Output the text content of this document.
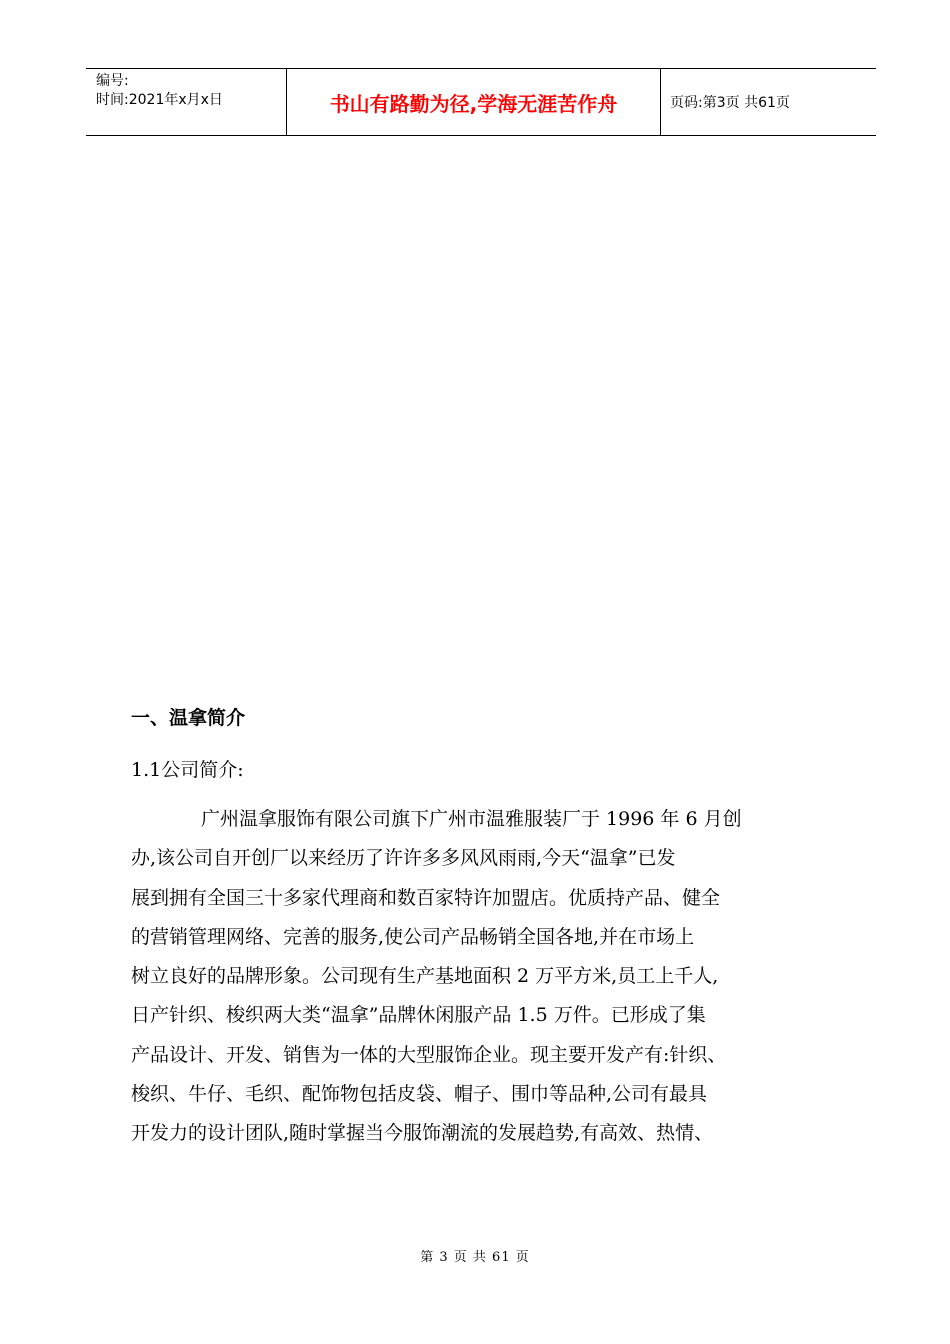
编号:
时间:2021年x月x日	书山有路勤为径,学海无涯苦作舟	页码:第3页 共61页
一、温拿简介
1.1公司简介:
广州温拿服饰有限公司旗下广州市温雅服装厂于 1996 年 6 月创
办,该公司自开创厂以来经历了许许多多风风雨雨,今天“温拿”已发
展到拥有全国三十多家代理商和数百家特许加盟店。优质持产品、健全
的营销管理网络、完善的服务,使公司产品畅销全国各地,并在市场上
树立良好的品牌形象。公司现有生产基地面积 2 万平方米,员工上千人,
日产针织、梭织两大类“温拿”品牌休闲服产品 1.5 万件。已形成了集
产品设计、开发、销售为一体的大型服饰企业。现主要开发产有:针织、
梭织、牛仔、毛织、配饰物包括皮袋、帽子、围巾等品种,公司有最具
开发力的设计团队,随时掌握当今服饰潮流的发展趋势,有高效、热情、
第 3 页 共 61 页
